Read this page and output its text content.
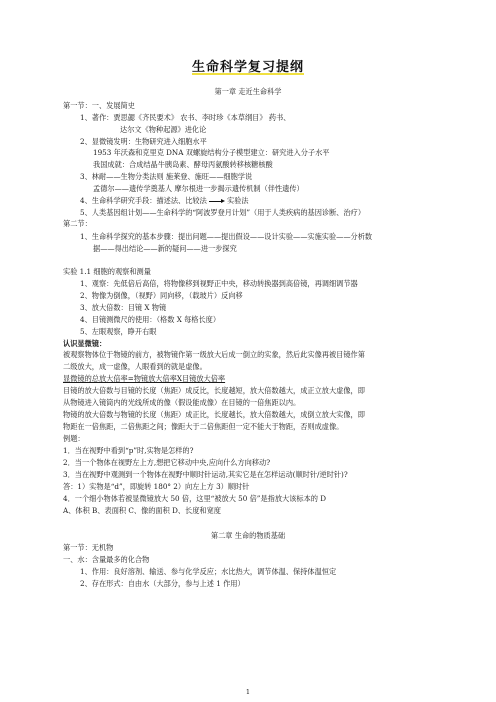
生命科学复习提纲
第一章 走近生命科学
第一节：一、发展简史
1、著作：贾思勰《齐民要术》 农书、李时珍《本草纲目》 药书、
达尔文《物种起源》进化论
2、显微镜发明：生物研究进入细胞水平
1953 年沃森和克里克 DNA 双螺旋结构分子模型建立：研究进入分子水平
我国成就：合成结晶牛胰岛素、酵母丙氨酸转移核糖核酸
3、林耐——生物分类法则 施莱登、施旺——细胞学说
孟德尔——遗传学奠基人 摩尔根进一步揭示遗传机制（伴性遗传）
4、生命科学研究手段：描述法、比较法	实验法
5、人类基因组计划——生命科学的“阿波罗登月计划”（用于人类疾病的基因诊断、治疗）
第二节：
1、生命科学探究的基本步骤：提出问题——提出假设——设计实验——实施实验——分析数
据——得出结论——新的疑问——进一步探究
实验 1.1 细胞的观察和测量
1、观察：先低倍后高倍，将物像移到视野正中央，移动转换器到高倍镜，再调细调节器
2、物像为倒像，（视野）同向移，（载玻片）反向移
3、放大倍数：目镜 X 物镜
4、目镜测微尺的使用：（格数 X 每格长度）
5、左眼观察，睁开右眼
认识显微镜：
被观察物体位于物镜的前方，被物镜作第一级放大后成一倒立的实象，然后此实像再被目镜作第
二级放大，成一虚像，人眼看到的就是虚像。
显微镜的总放大倍率=物镜放大倍率X目镜放大倍率
目镜的放大倍数与目镜的长度（焦距）成反比，长度越短，放大倍数越大，成正立放大虚像，即
从物镜进入镜筒内的光线所成的像（假设能成像）在目镜的一倍焦距以内。
物镜的放大倍数与物镜的长度（焦距）成正比，长度越长，放大倍数越大，成倒立放大实像，即
物距在一倍焦距，二倍焦距之间；像距大于二倍焦距但一定不能大于物距，否则成虚像。
例题：
1．当在视野中看到“p”时,实物是怎样的?
2．当一个物体在视野左上方,想把它移动中央,应向什么方向移动?
3．当在视野中观测到一个物体在视野中顺时针运动,其实它是在怎样运动(顺时针/逆时针)?
答：1）实物是“d”，即旋转 180° 2）向左上方 3）顺时针
4．一个细小物体若被显微镜放大 50 倍，这里“被放大 50 倍”是指放大该标本的 D
A、体积 B、表面积 C、像的面积 D、长度和宽度
第二章 生命的物质基础
第一节：无机物
一、水：含量最多的化合物
1、作用：良好溶剂、输送、参与化学反应；水比热大，调节体温、保持体温恒定
2、存在形式：自由水（大部分，参与上述 1 作用）
1
